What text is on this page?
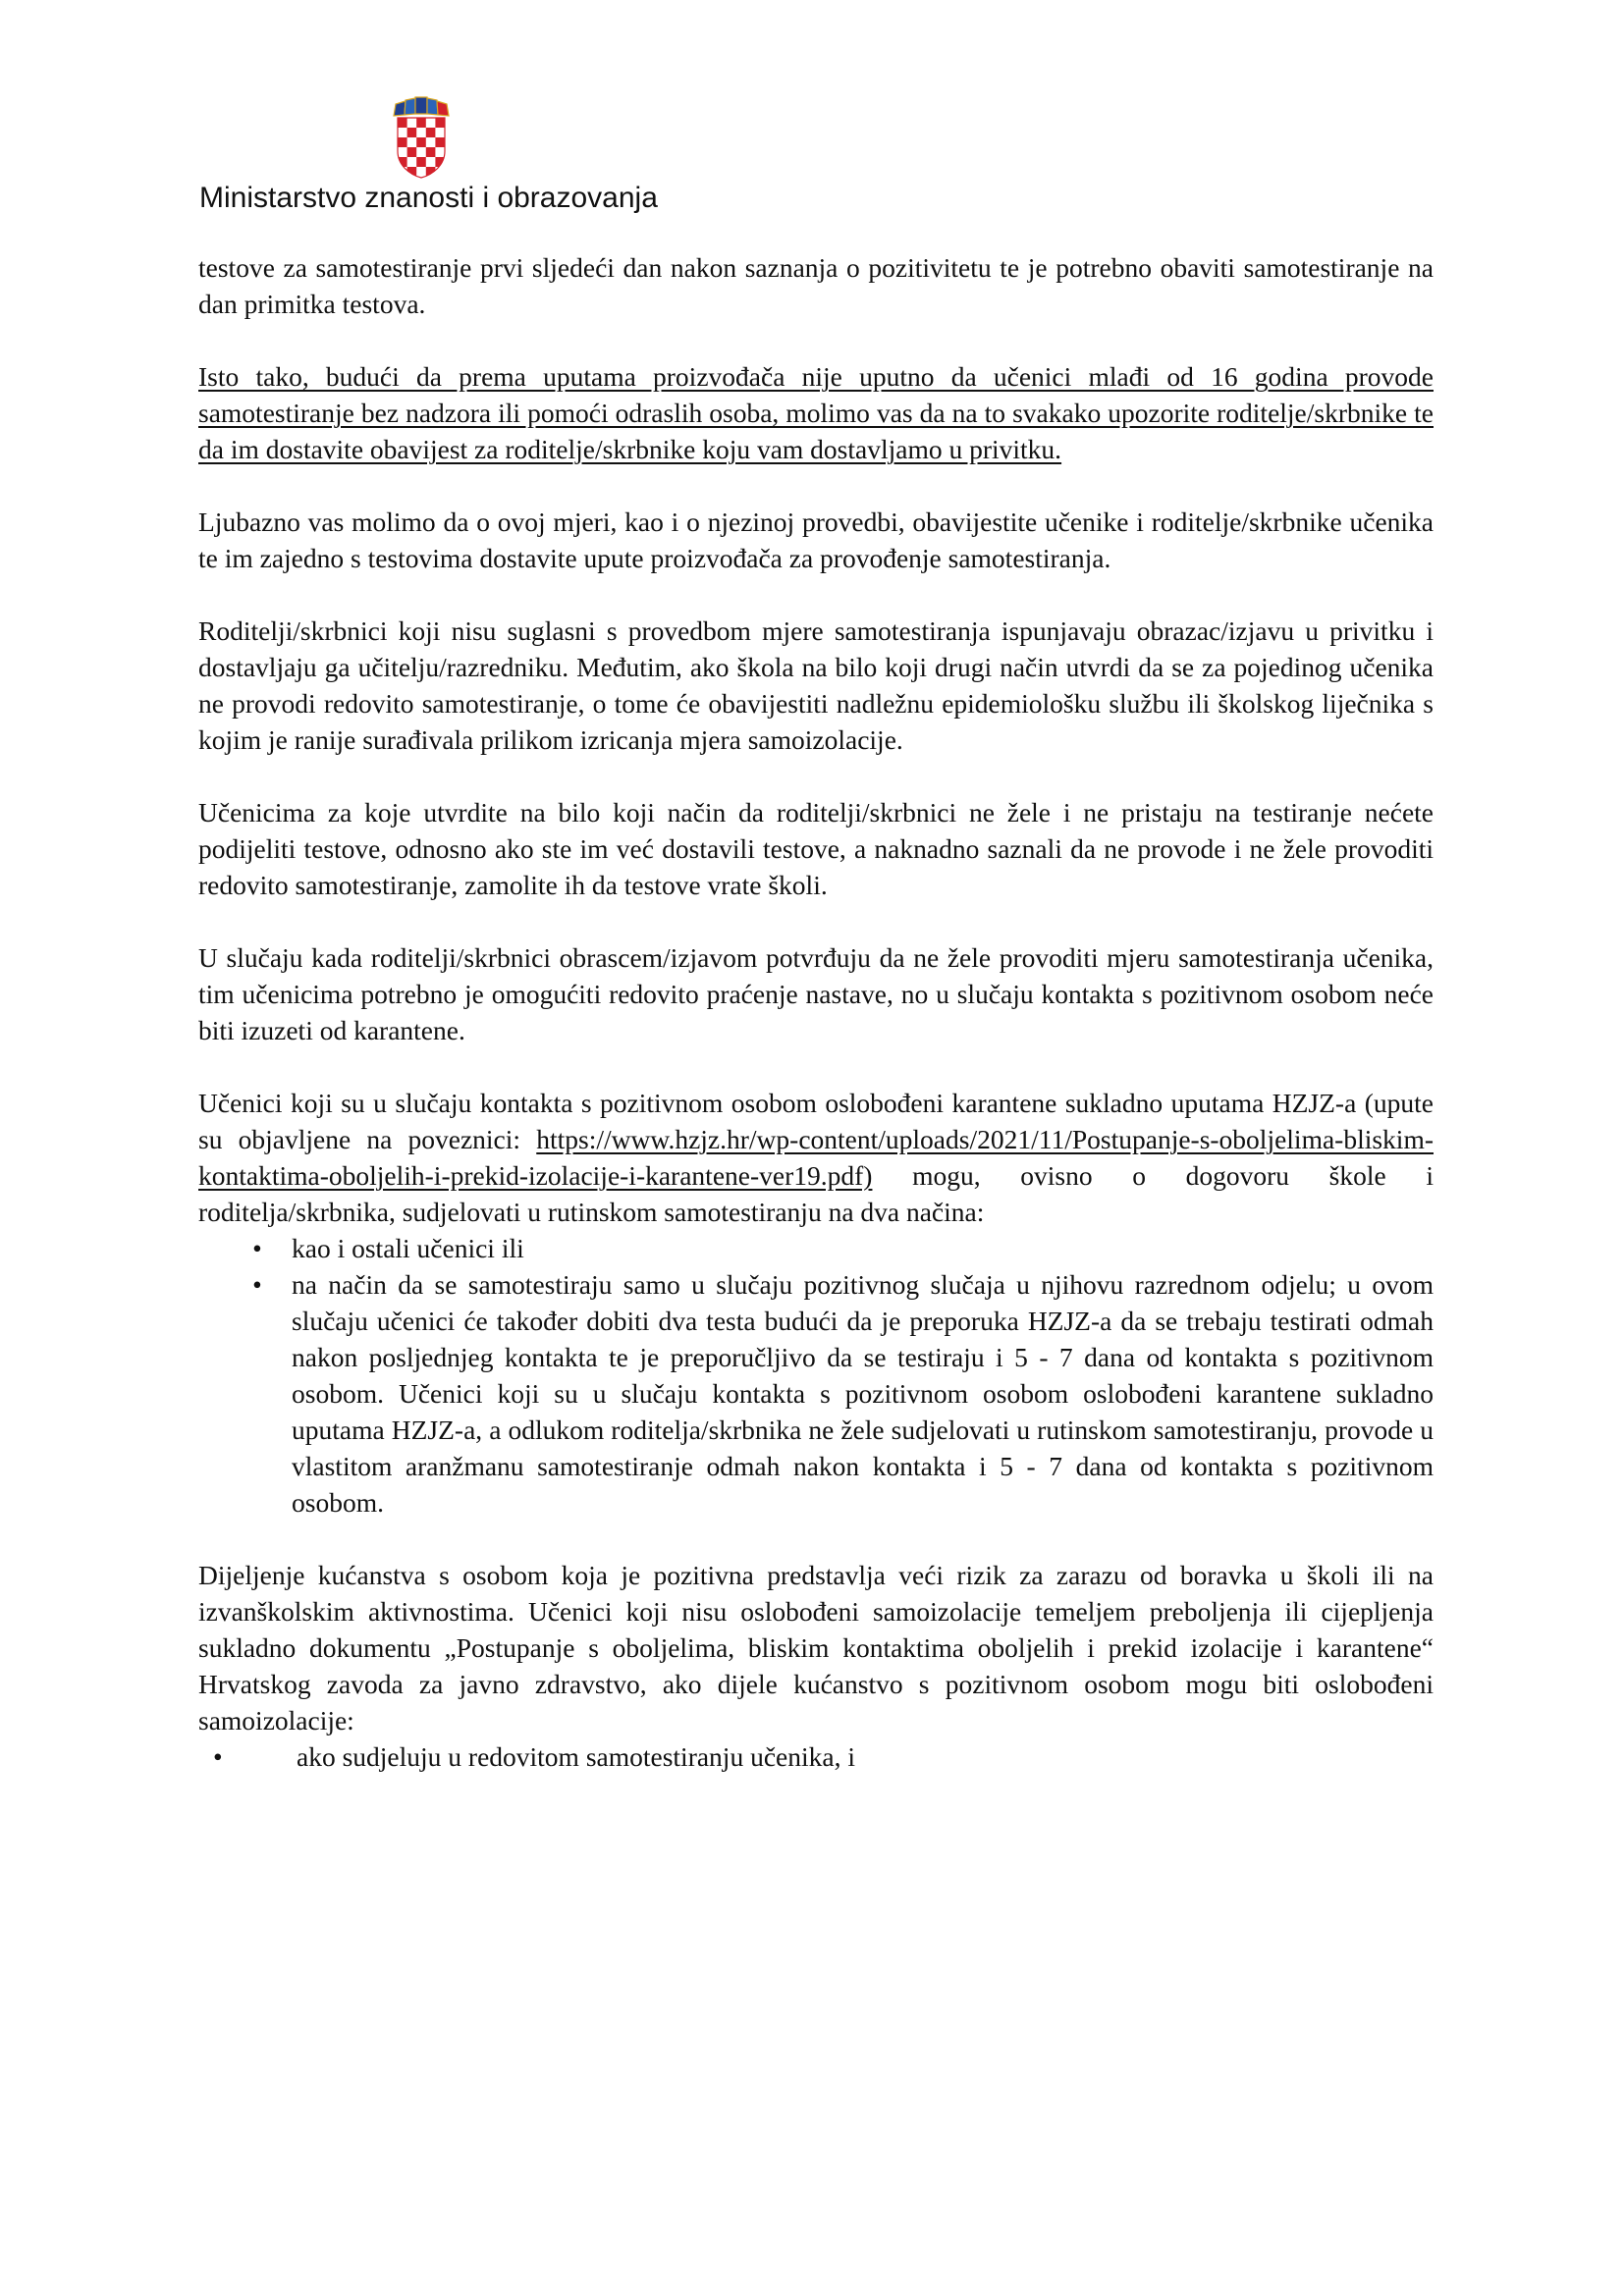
Ministarstvo znanosti i obrazovanja

testove za samotestiranje prvi sljedeći dan nakon saznanja o pozitivitetu te je potrebno obaviti samotestiranje na dan primitka testova.

Isto tako, budući da prema uputama proizvođača nije uputno da učenici mlađi od 16 godina provode samotestiranje bez nadzora ili pomoći odraslih osoba, molimo vas da na to svakako upozorite roditelje/skrbnike te da im dostavite obavijest za roditelje/skrbnike koju vam dostavljamo u privitku.

Ljubazno vas molimo da o ovoj mjeri, kao i o njezinoj provedbi, obavijestite učenike i roditelje/skrbnike učenika te im zajedno s testovima dostavite upute proizvođača za provođenje samotestiranja.

Roditelji/skrbnici koji nisu suglasni s provedbom mjere samotestiranja ispunjavaju obrazac/izjavu u privitku i dostavljaju ga učitelju/razredniku. Međutim, ako škola na bilo koji drugi način utvrdi da se za pojedinog učenika ne provodi redovito samotestiranje, o tome će obavijestiti nadležnu epidemiološku službu ili školskog liječnika s kojim je ranije surađivala prilikom izricanja mjera samoizolacije.

Učenicima za koje utvrdite na bilo koji način da roditelji/skrbnici ne žele i ne pristaju na testiranje nećete podijeliti testove, odnosno ako ste im već dostavili testove, a naknadno saznali da ne provode i ne žele provoditi redovito samotestiranje, zamolite ih da testove vrate školi.

U slučaju kada roditelji/skrbnici obrascem/izjavom potvrđuju da ne žele provoditi mjeru samotestiranja učenika, tim učenicima potrebno je omogućiti redovito praćenje nastave, no u slučaju kontakta s pozitivnom osobom neće biti izuzeti od karantene.

Učenici koji su u slučaju kontakta s pozitivnom osobom oslobođeni karantene sukladno uputama HZJZ-a (upute su objavljene na poveznici: https://www.hzjz.hr/wp-content/uploads/2021/11/Postupanje-s-oboljelima-bliskim-kontaktima-oboljelih-i-prekid-izolacije-i-karantene-ver19.pdf) mogu, ovisno o dogovoru škole i roditelja/skrbnika, sudjelovati u rutinskom samotestiranju na dva načina:

• kao i ostali učenici ili
• na način da se samotestiraju samo u slučaju pozitivnog slučaja u njihovu razrednom odjelu; u ovom slučaju učenici će također dobiti dva testa budući da je preporuka HZJZ-a da se trebaju testirati odmah nakon posljednjeg kontakta te je preporučljivo da se testiraju i 5 - 7 dana od kontakta s pozitivnom osobom. Učenici koji su u slučaju kontakta s pozitivnom osobom oslobođeni karantene sukladno uputama HZJZ-a, a odlukom roditelja/skrbnika ne žele sudjelovati u rutinskom samotestiranju, provode u vlastitom aranžmanu samotestiranje odmah nakon kontakta i 5 - 7 dana od kontakta s pozitivnom osobom.

Dijeljenje kućanstva s osobom koja je pozitivna predstavlja veći rizik za zarazu od boravka u školi ili na izvanškolskim aktivnostima. Učenici koji nisu oslobođeni samoizolacije temeljem preboljenja ili cijepljenja sukladno dokumentu „Postupanje s oboljelima, bliskim kontaktima oboljelih i prekid izolacije i karantene“ Hrvatskog zavoda za javno zdravstvo, ako dijele kućanstvo s pozitivnom osobom mogu biti oslobođeni samoizolacije:

•	ako sudjeluju u redovitom samotestiranju učenika, i
